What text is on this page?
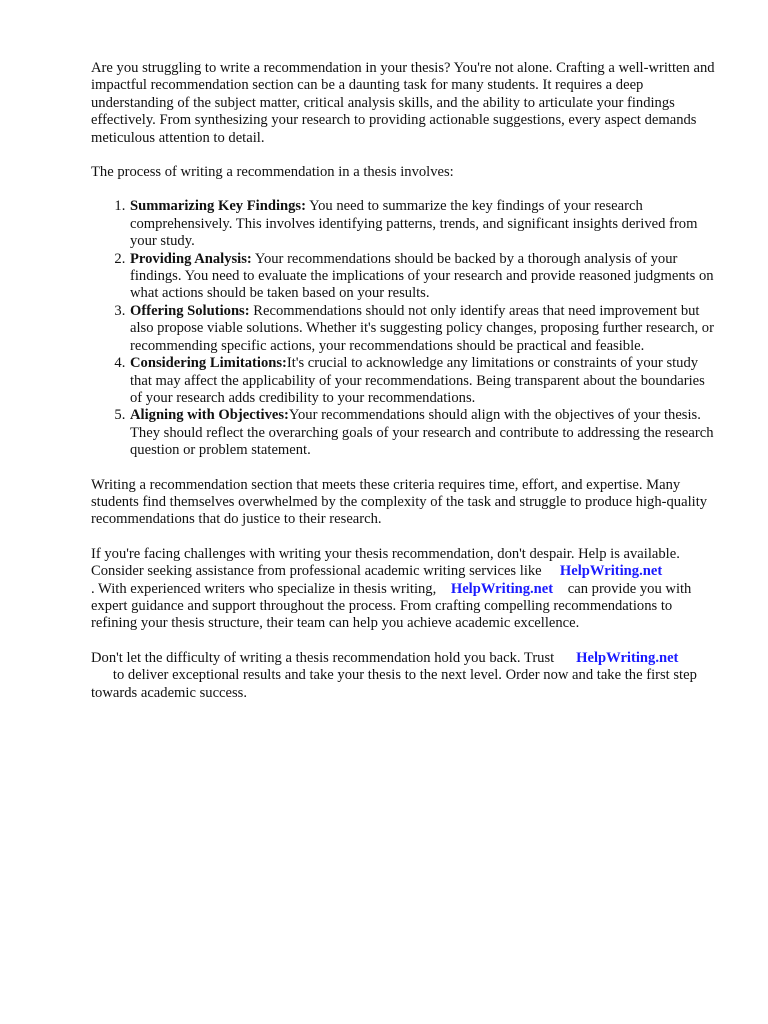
Are you struggling to write a recommendation in your thesis? You're not alone. Crafting a well-written and impactful recommendation section can be a daunting task for many students. It requires a deep understanding of the subject matter, critical analysis skills, and the ability to articulate your findings effectively. From synthesizing your research to providing actionable suggestions, every aspect demands meticulous attention to detail.

The process of writing a recommendation in a thesis involves:

1. Summarizing Key Findings: You need to summarize the key findings of your research comprehensively. This involves identifying patterns, trends, and significant insights derived from your study.
2. Providing Analysis: Your recommendations should be backed by a thorough analysis of your findings. You need to evaluate the implications of your research and provide reasoned judgments on what actions should be taken based on your results.
3. Offering Solutions: Recommendations should not only identify areas that need improvement but also propose viable solutions. Whether it's suggesting policy changes, proposing further research, or recommending specific actions, your recommendations should be practical and feasible.
4. Considering Limitations:It's crucial to acknowledge any limitations or constraints of your study that may affect the applicability of your recommendations. Being transparent about the boundaries of your research adds credibility to your recommendations.
5. Aligning with Objectives:Your recommendations should align with the objectives of your thesis. They should reflect the overarching goals of your research and contribute to addressing the research question or problem statement.

Writing a recommendation section that meets these criteria requires time, effort, and expertise. Many students find themselves overwhelmed by the complexity of the task and struggle to produce high-quality recommendations that do justice to their research.

If you're facing challenges with writing your thesis recommendation, don't despair. Help is available. Consider seeking assistance from professional academic writing services like     HelpWriting.net
. With experienced writers who specialize in thesis writing,    HelpWriting.net    can provide you with expert guidance and support throughout the process. From crafting compelling recommendations to refining your thesis structure, their team can help you achieve academic excellence.

Don't let the difficulty of writing a thesis recommendation hold you back. Trust      HelpWriting.net
to deliver exceptional results and take your thesis to the next level. Order now and take the first step towards academic success.
